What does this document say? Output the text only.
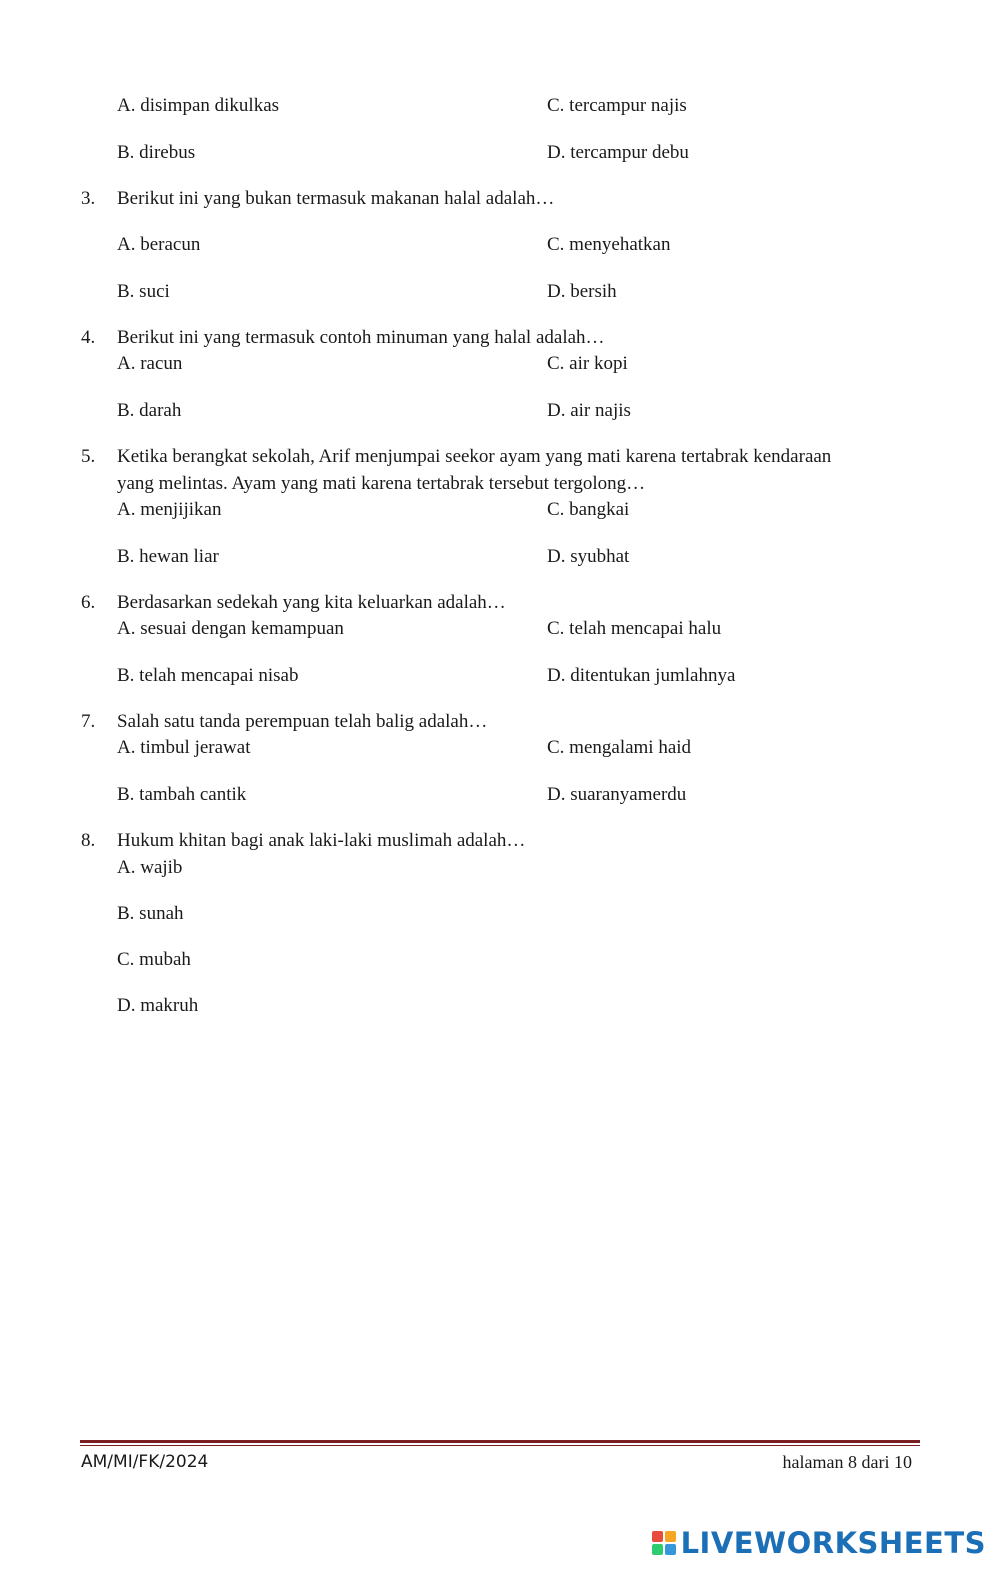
A. disimpan dikulkas	C. tercampur najis
B. direbus	D. tercampur debu
3. Berikut ini yang bukan termasuk makanan halal adalah…
A. beracun	C. menyehatkan
B. suci	D. bersih
4. Berikut ini yang termasuk contoh minuman yang halal adalah…
A. racun	C. air kopi
B. darah	D. air najis
5. Ketika berangkat sekolah, Arif menjumpai seekor ayam yang mati karena tertabrak kendaraan
yang melintas. Ayam yang mati karena tertabrak tersebut tergolong…
A. menjijikan	C. bangkai
B. hewan liar	D. syubhat
6. Berdasarkan sedekah yang kita keluarkan adalah…
A. sesuai dengan kemampuan	C. telah mencapai halu
B. telah mencapai nisab	D. ditentukan jumlahnya
7. Salah satu tanda perempuan telah balig adalah…
A. timbul jerawat	C. mengalami haid
B. tambah cantik	D. suaranyamerdu
8. Hukum khitan bagi anak laki-laki muslimah adalah…
A. wajib
B. sunah
C. mubah
D. makruh
AM/MI/FK/2024	halaman 8 dari 10
LIVEWORKSHEETS
